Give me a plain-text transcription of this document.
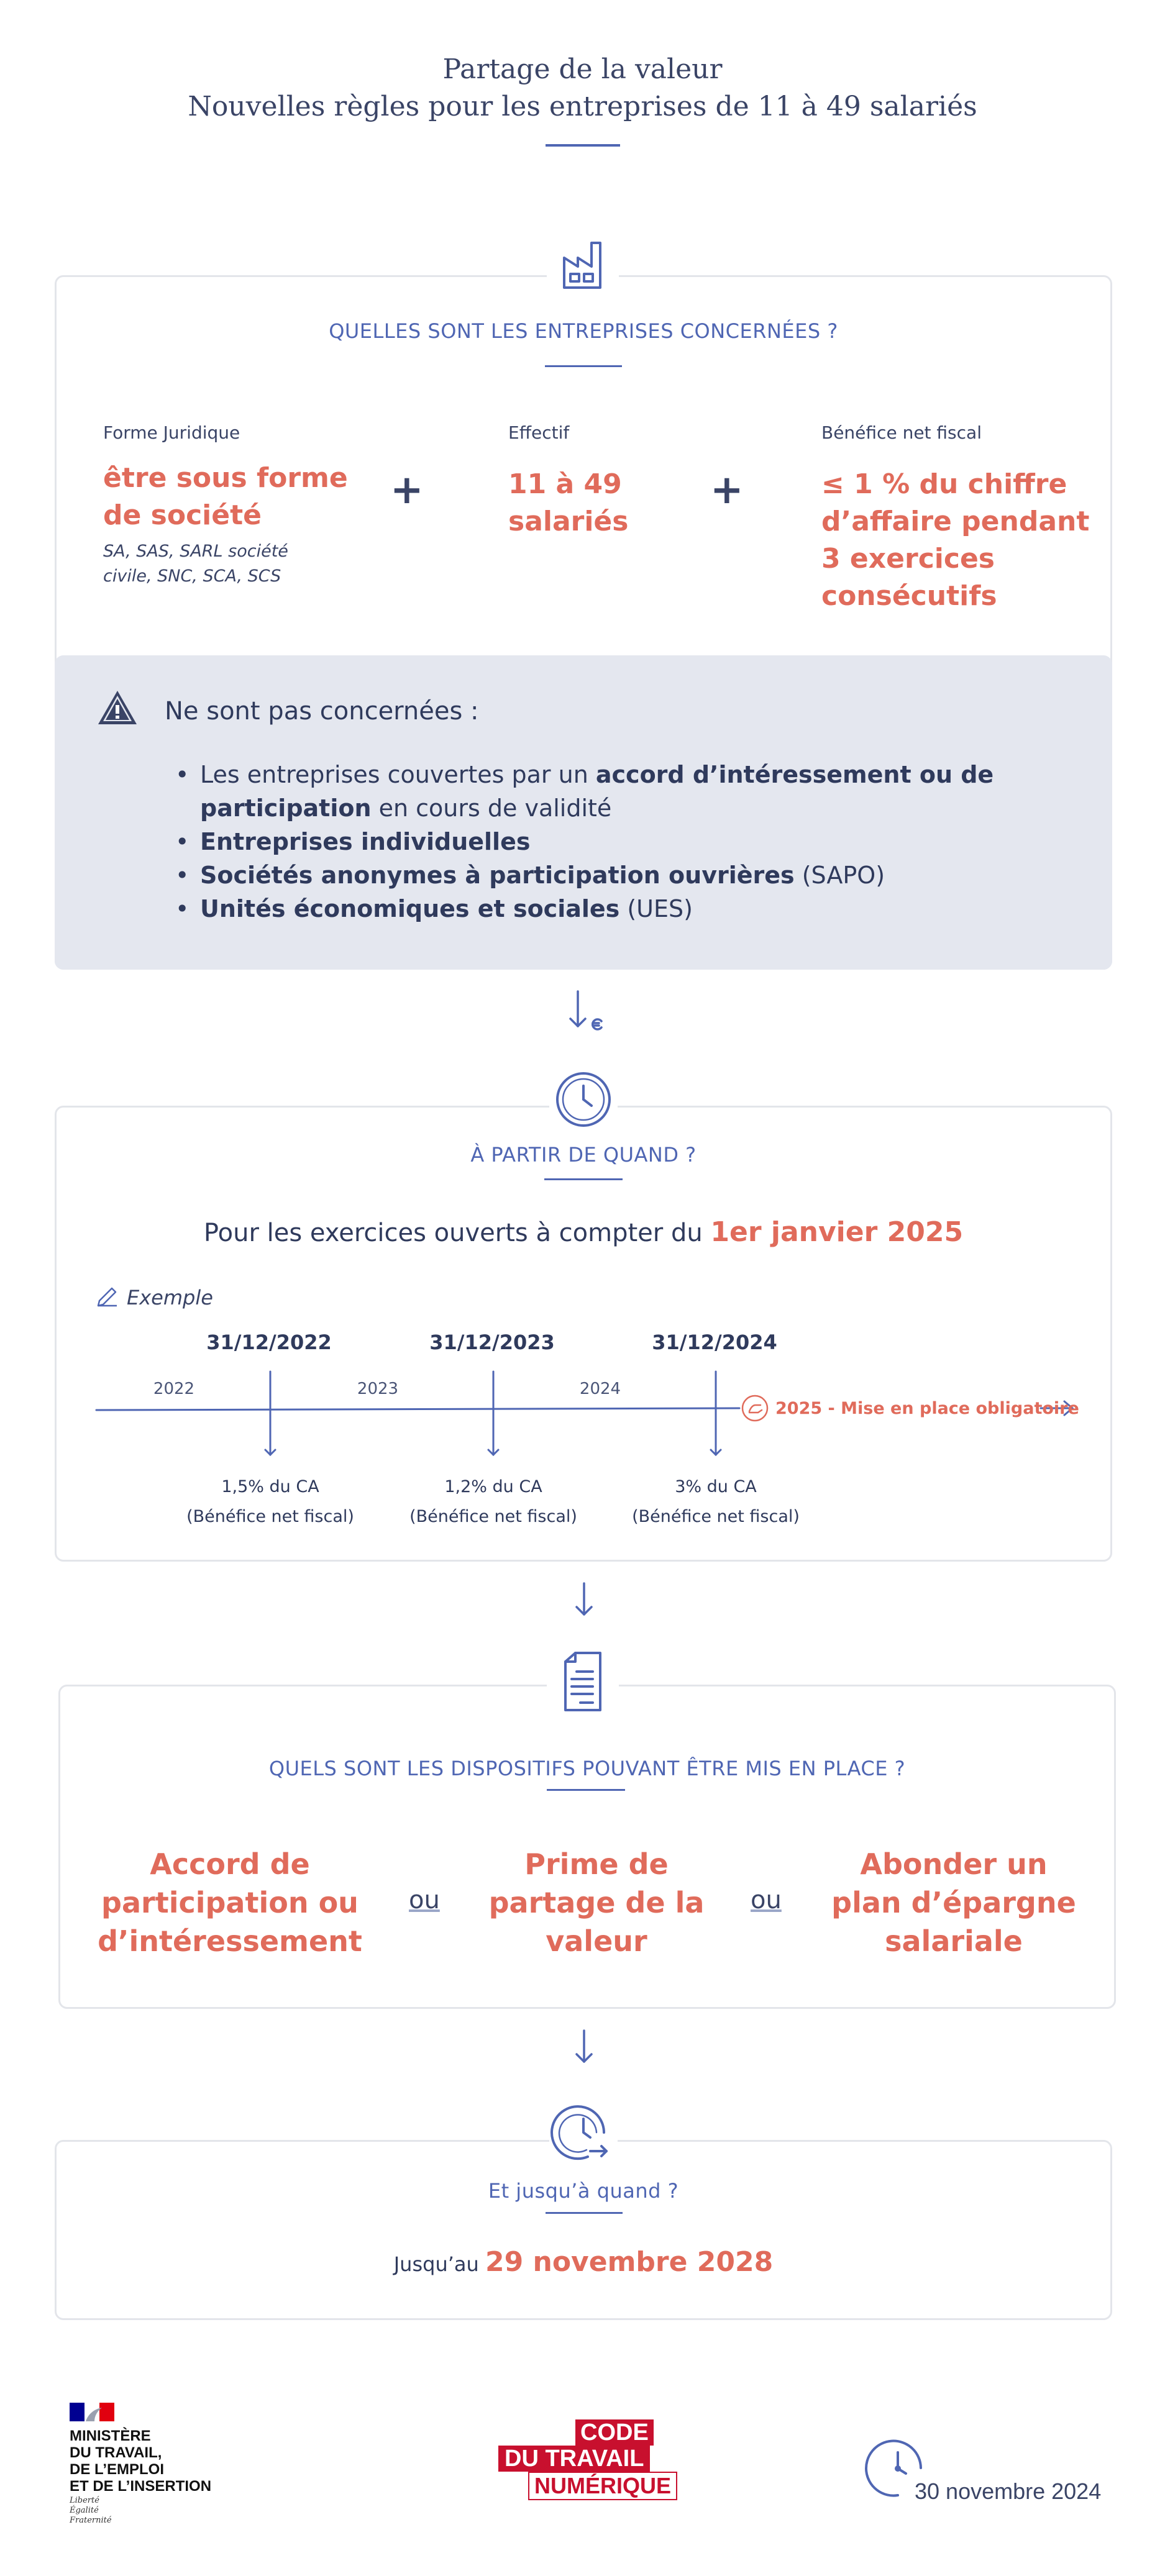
Partage de la valeur
Nouvelles règles pour les entreprises de 11 à 49 salariés
QUELLES SONT LES ENTREPRISES CONCERNÉES ?
Forme Juridique
être sous forme
de société
SA, SAS, SARL société
civile, SNC, SCA, SCS
+
Effectif
11 à 49
salariés
+
Bénéfice net fiscal
≤ 1 % du chiffre
d’affaire pendant
3 exercices
consécutifs
Ne sont pas concernées :
• Les entreprises couvertes par un accord d’intéressement ou de
participation en cours de validité
• Entreprises individuelles
• Sociétés anonymes à participation ouvrières (SAPO)
• Unités économiques et sociales (UES)
À PARTIR DE QUAND ?
Pour les exercices ouverts à compter du 1er janvier 2025
Exemple
31/12/2022	31/12/2023	31/12/2024
2022	2023	2024
2025 - Mise en place obligatoire
1,5% du CA
(Bénéfice net fiscal)
1,2% du CA
(Bénéfice net fiscal)
3% du CA
(Bénéfice net fiscal)
QUELS SONT LES DISPOSITIFS POUVANT ÊTRE MIS EN PLACE ?
Accord de
participation ou
d’intéressement
ou
Prime de
partage de la
valeur
ou
Abonder un
plan d’épargne
salariale
Et jusqu’à quand ?
Jusqu’au 29 novembre 2028
MINISTÈRE
DU TRAVAIL,
DE L’EMPLOI
ET DE L’INSERTION
Liberté
Égalité
Fraternité
CODE
DU TRAVAIL
NUMÉRIQUE	30 novembre 2024
